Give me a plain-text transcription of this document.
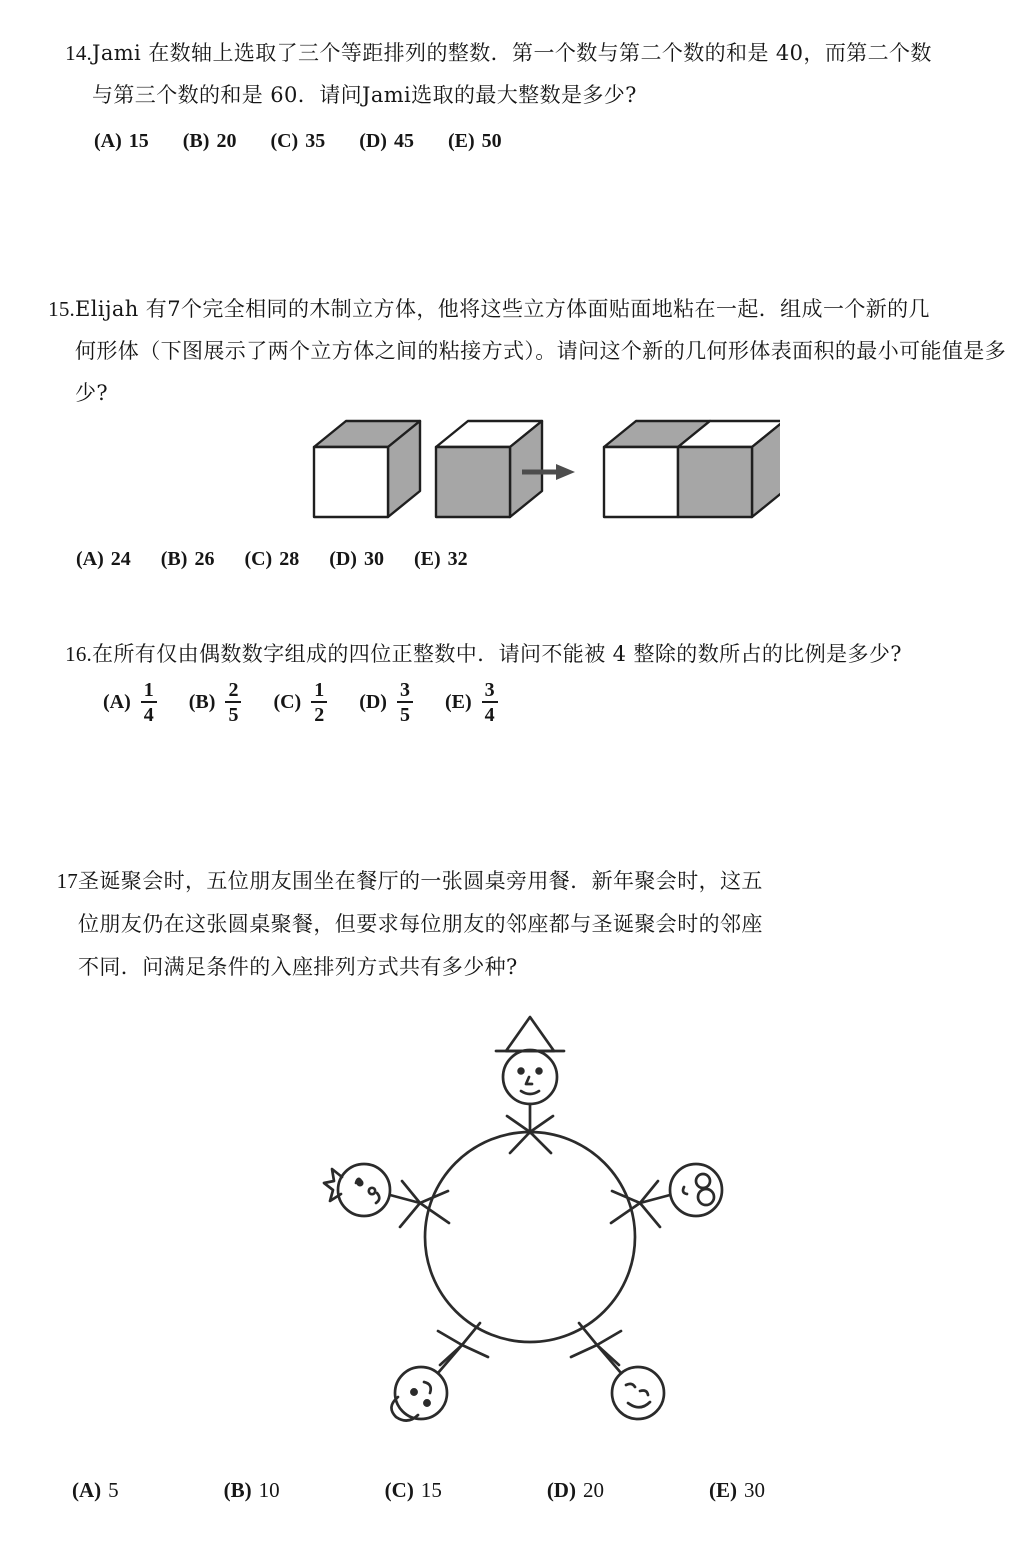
14. Jami 在数轴上选取了三个等距排列的整数．第一个数与第二个数的和是 40，而第二个数
与第三个数的和是 60．请问Jami选取的最大整数是多少?
(A) 15 (B) 20 (C) 35 (D) 45 (E) 50
15. Elijah 有7个完全相同的木制立方体，他将这些立方体面贴面地粘在一起．组成一个新的几
何形体（下图展示了两个立方体之间的粘接方式）。请问这个新的几何形体表面积的最小可能值是多
少?
(A) 24 (B) 26 (C) 28 (D) 30 (E) 32
16. 在所有仅由偶数数字组成的四位正整数中．请问不能被 4 整除的数所占的比例是多少?
$(A) \frac{1}{4} (B) \frac{2}{5} (C) \frac{1}{2} (D) \frac{3}{5} (E) \frac{3}{4}$
17 圣诞聚会时，五位朋友围坐在餐厅的一张圆桌旁用餐．新年聚会时，这五
位朋友仍在这张圆桌聚餐，但要求每位朋友的邻座都与圣诞聚会时的邻座
不同．问满足条件的入座排列方式共有多少种?
(A) 5	(B) 10	(C) 15	(D) 20	(E) 30
